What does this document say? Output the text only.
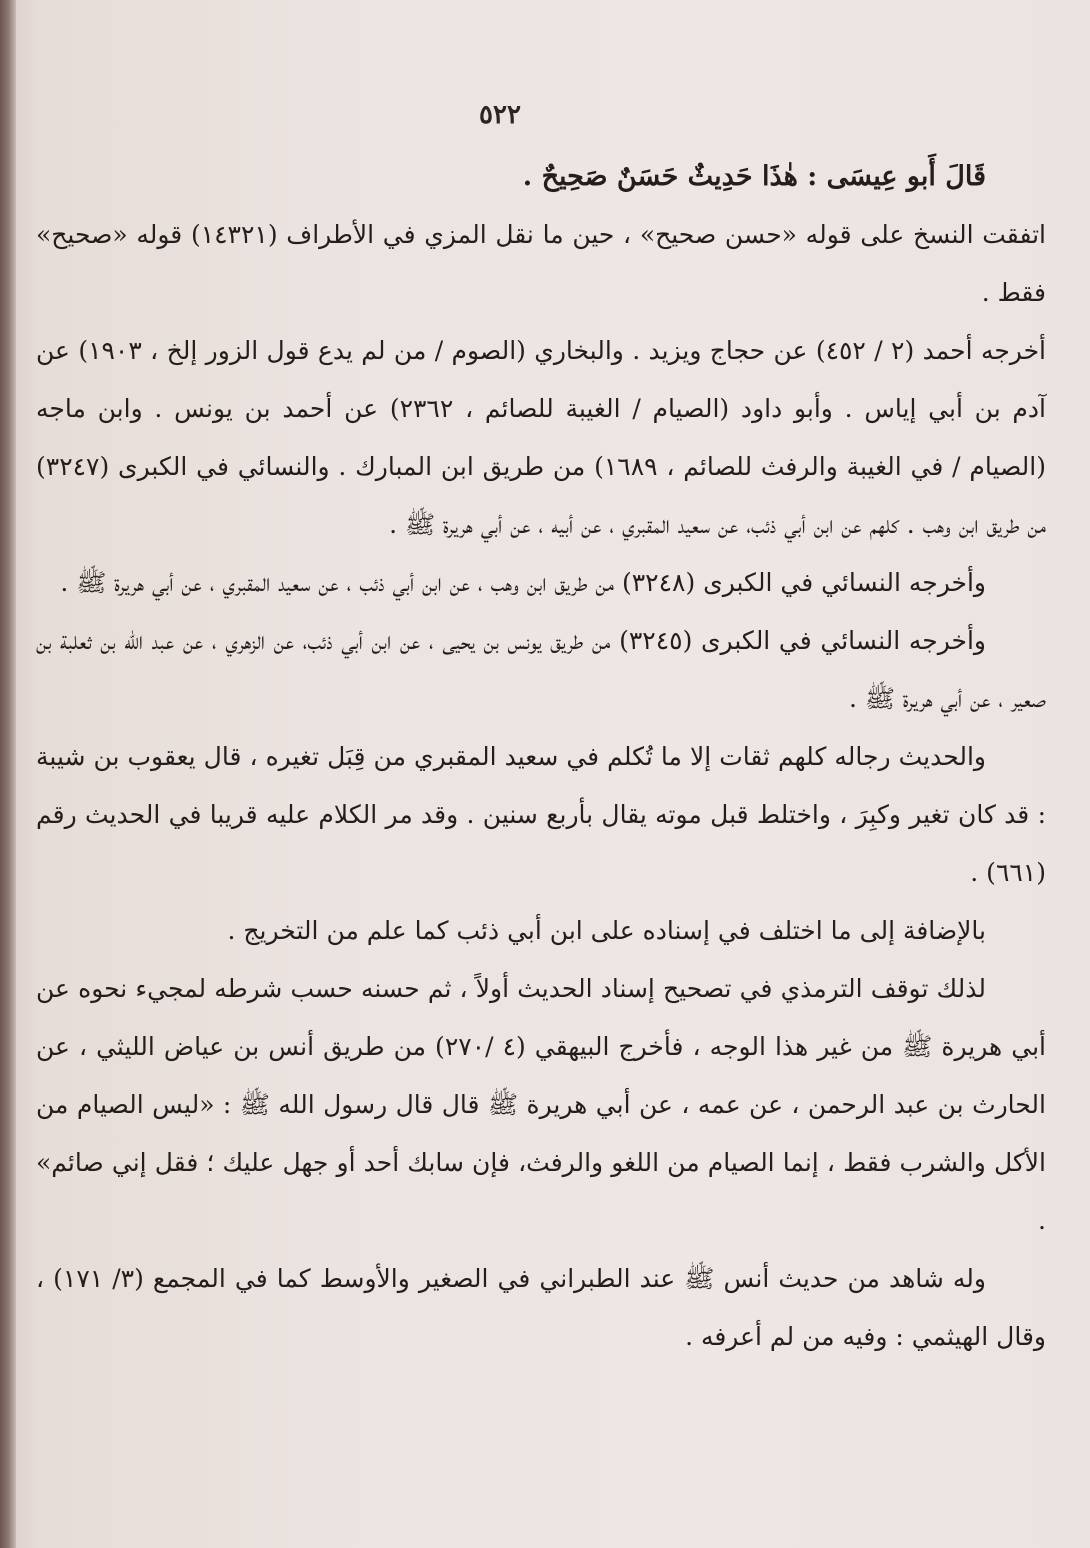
٥٢٢

قَالَ أَبو عِيسَى : هٰذَا حَدِيثٌ حَسَنٌ صَحِيحٌ .

اتفقت النسخ على قوله «حسن صحيح» ، حين ما نقل المزي في الأطراف (١٤٣٢١) قوله «صحيح» فقط .

أخرجه أحمد (٢ / ٤٥٢) عن حجاج ويزيد . والبخاري (الصوم / من لم يدع قول الزور إلخ ، ١٩٠٣) عن آدم بن أبي إياس . وأبو داود (الصيام / الغيبة للصائم ، ٢٣٦٢) عن أحمد بن يونس . وابن ماجه (الصيام / في الغيبة والرفث للصائم ، ١٦٨٩) من طريق ابن المبارك . والنسائي في الكبرى (٣٢٤٧) من طريق ابن وهب . كلهم عن ابن أبي ذئب، عن سعيد المقبري ، عن أبيه ، عن أبي هريرة ﷺ .

وأخرجه النسائي في الكبرى (٣٢٤٨) من طريق ابن وهب ، عن ابن أبي ذئب ، عن سعيد المقبري ، عن أبي هريرة ﷺ .

وأخرجه النسائي في الكبرى (٣٢٤٥) من طريق يونس بن يحيى ، عن ابن أبي ذئب، عن الزهري ، عن عبد الله بن ثعلبة بن صعير ، عن أبي هريرة ﷺ .

والحديث رجاله كلهم ثقات إلا ما تُكلم في سعيد المقبري من قِبَل تغيره ، قال يعقوب بن شيبة : قد كان تغير وكبِرَ ، واختلط قبل موته يقال بأربع سنين . وقد مر الكلام عليه قريبا في الحديث رقم (٦٦١) .

بالإضافة إلى ما اختلف في إسناده على ابن أبي ذئب كما علم من التخريج .

لذلك توقف الترمذي في تصحيح إسناد الحديث أولاً ، ثم حسنه حسب شرطه لمجيء نحوه عن أبي هريرة ﷺ من غير هذا الوجه ، فأخرج البيهقي (٤ /٢٧٠) من طريق أنس بن عياض الليثي ، عن الحارث بن عبد الرحمن ، عن عمه ، عن أبي هريرة ﷺ قال قال رسول الله ﷺ : «ليس الصيام من الأكل والشرب فقط ، إنما الصيام من اللغو والرفث، فإن سابك أحد أو جهل عليك ؛ فقل إني صائم» .

وله شاهد من حديث أنس ﷺ عند الطبراني في الصغير والأوسط كما في المجمع (٣/ ١٧١) ، وقال الهيثمي : وفيه من لم أعرفه .
